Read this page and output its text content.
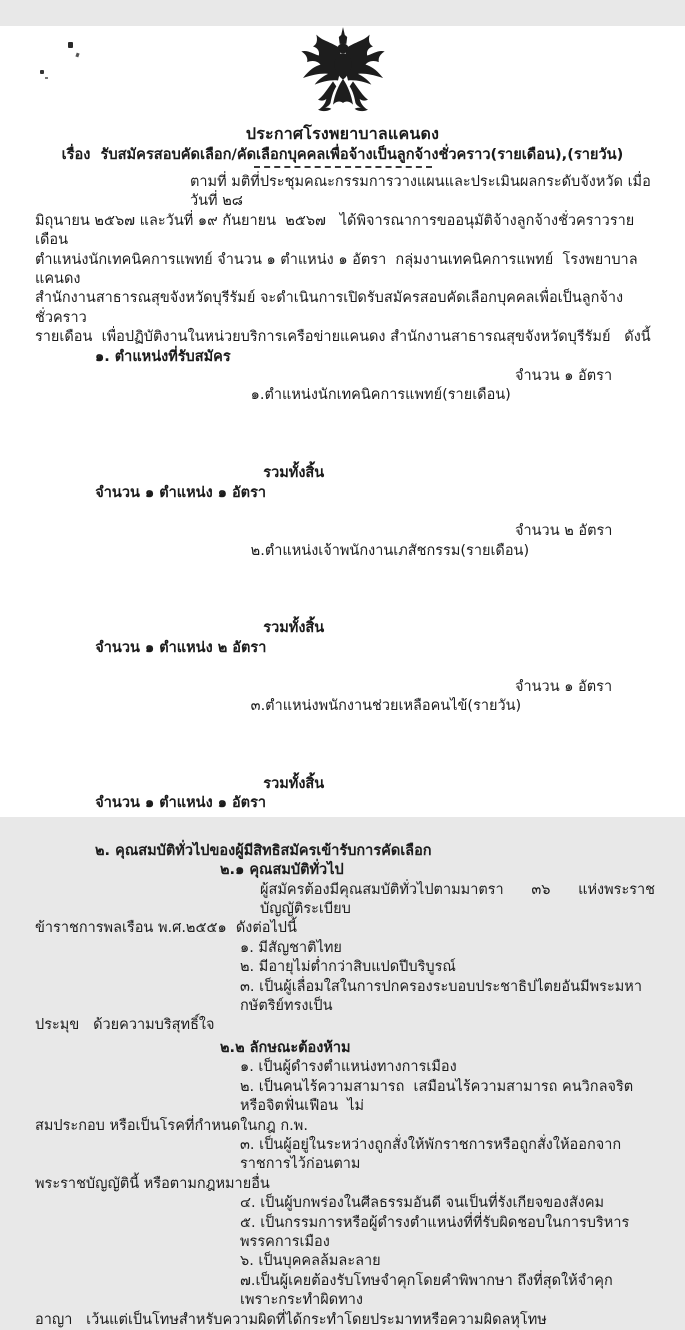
ประกาศโรงพยาบาลแคนดง
เรื่อง  รับสมัครสอบคัดเลือก/คัดเลือกบุคคลเพื่อจ้างเป็นลูกจ้างชั่วคราว(รายเดือน),(รายวัน)
ตามที่ มติที่ประชุมคณะกรรมการวางแผนและประเมินผลกระดับจังหวัด เมื่อวันที่ ๒๘
มิถุนายน ๒๕๖๗ และวันที่ ๑๙ กันยายน  ๒๕๖๗   ได้พิจารณาการขออนุมัติจ้างลูกจ้างชั่วคราวรายเดือน
ตำแหน่งนักเทคนิคการแพทย์ จำนวน ๑ ตำแหน่ง ๑ อัตรา  กลุ่มงานเทคนิคการแพทย์  โรงพยาบาลแคนดง
สำนักงานสาธารณสุขจังหวัดบุรีรัมย์ จะดำเนินการเปิดรับสมัครสอบคัดเลือกบุคคลเพื่อเป็นลูกจ้างชั่วคราว
รายเดือน  เพื่อปฏิบัติงานในหน่วยบริการเครือข่ายแคนดง สำนักงานสาธารณสุขจังหวัดบุรีรัมย์   ดังนี้
๑. ตำแหน่งที่รับสมัคร

๑.ตำแหน่งนักเทคนิคการแพทย์(รายเดือน)

จำนวน ๑ อัตรา

รวมทั้งสิ้น
จำนวน ๑ ตำแหน่ง ๑ อัตรา

๒.ตำแหน่งเจ้าพนักงานเภสัชกรรม(รายเดือน)

จำนวน ๒ อัตรา

รวมทั้งสิ้น
จำนวน ๑ ตำแหน่ง ๒ อัตรา

๓.ตำแหน่งพนักงานช่วยเหลือคนไข้(รายวัน)

จำนวน ๑ อัตรา

รวมทั้งสิ้น
จำนวน ๑ ตำแหน่ง ๑ อัตรา

๒. คุณสมบัติทั่วไปของผู้มีสิทธิสมัครเข้ารับการคัดเลือก
๒.๑ คุณสมบัติทั่วไป
ผู้สมัครต้องมีคุณสมบัติทั่วไปตามมาตรา      ๓๖      แห่งพระราชบัญญัติระเบียบ
ข้าราชการพลเรือน พ.ศ.๒๕๕๑  ดังต่อไปนี้
๑. มีสัญชาติไทย
๒. มีอายุไม่ต่ำกว่าสิบแปดปีบริบูรณ์
๓. เป็นผู้เลื่อมใสในการปกครองระบอบประชาธิปไตยอันมีพระมหากษัตริย์ทรงเป็น
ประมุข   ด้วยความบริสุทธิ์ใจ
๒.๒ ลักษณะต้องห้าม
๑. เป็นผู้ดำรงตำแหน่งทางการเมือง
๒. เป็นคนไร้ความสามารถ  เสมือนไร้ความสามารถ คนวิกลจริตหรือจิตฟั่นเฟือน  ไม่
สมประกอบ หรือเป็นโรคที่กำหนดในกฎ ก.พ.
๓. เป็นผู้อยู่ในระหว่างถูกสั่งให้พักราชการหรือถูกสั่งให้ออกจากราชการไว้ก่อนตาม
พระราชบัญญัตินี้ หรือตามกฎหมายอื่น
๔. เป็นผู้บกพร่องในศีลธรรมอันดี จนเป็นที่รังเกียจของสังคม
๕. เป็นกรรมการหรือผู้ดำรงตำแหน่งที่ที่รับผิดชอบในการบริหารพรรคการเมือง
๖. เป็นบุคคลล้มละลาย
๗.เป็นผู้เคยต้องรับโทษจำคุกโดยคำพิพากษา ถึงที่สุดให้จำคุก  เพราะกระทำผิดทาง
อาญา   เว้นแต่เป็นโทษสำหรับความผิดที่ได้กระทำโดยประมาทหรือความผิดลหุโทษ
